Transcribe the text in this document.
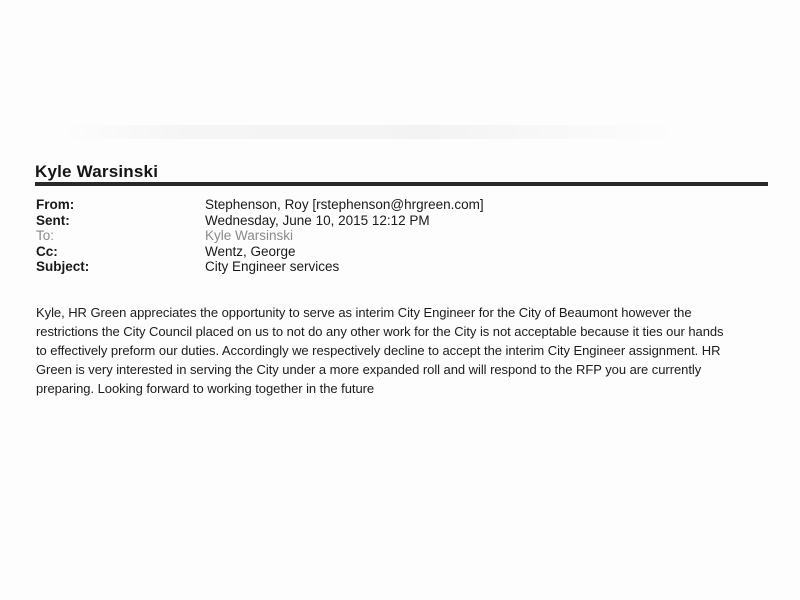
Kyle Warsinski
From:	Stephenson, Roy [rstephenson@hrgreen.com]
Sent:	Wednesday, June 10, 2015 12:12 PM
To:	Kyle Warsinski
Cc:	Wentz, George
Subject:	City Engineer services
Kyle, HR Green appreciates the opportunity to serve as interim City Engineer for the City of Beaumont however the
restrictions the City Council placed on us to not do any other work for the City is not acceptable because it ties our hands
to effectively preform our duties. Accordingly we respectively decline to accept the interim City Engineer assignment. HR
Green is very interested in serving the City under a more expanded roll and will respond to the RFP you are currently
preparing. Looking forward to working together in the future
